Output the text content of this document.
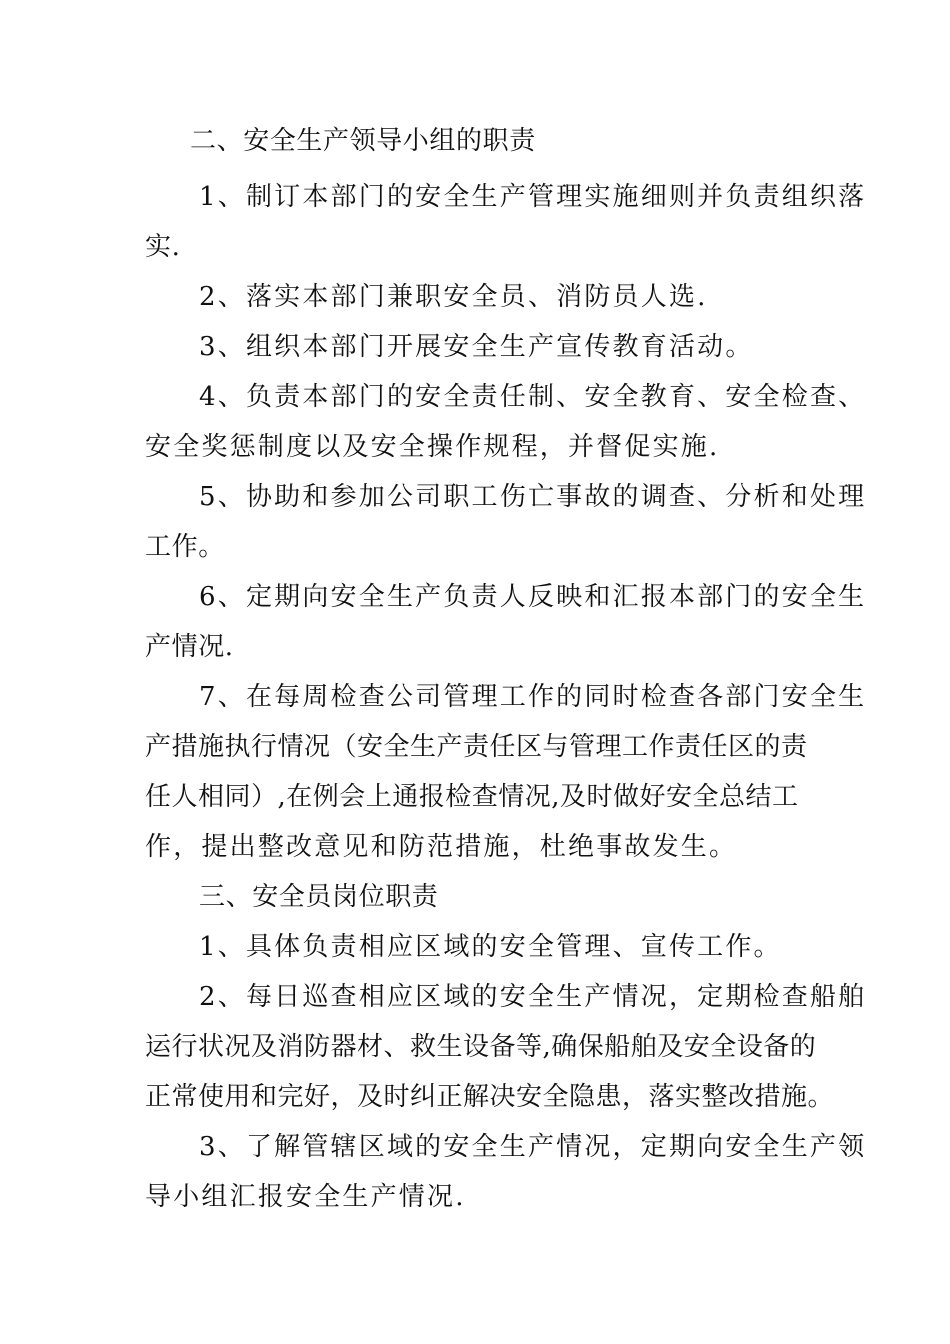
二、安全生产领导小组的职责
1、制订本部门的安全生产管理实施细则并负责组织落
实.
2、落实本部门兼职安全员、消防员人选.
3、组织本部门开展安全生产宣传教育活动。
4、负责本部门的安全责任制、安全教育、安全检查、
安全奖惩制度以及安全操作规程，并督促实施.
5、协助和参加公司职工伤亡事故的调查、分析和处理
工作。
6、定期向安全生产负责人反映和汇报本部门的安全生
产情况.
7、在每周检查公司管理工作的同时检查各部门安全生
产措施执行情况（安全生产责任区与管理工作责任区的责
任人相同）,在例会上通报检查情况,及时做好安全总结工
作，提出整改意见和防范措施，杜绝事故发生。
三、安全员岗位职责
1、具体负责相应区域的安全管理、宣传工作。
2、每日巡查相应区域的安全生产情况，定期检查船舶
运行状况及消防器材、救生设备等,确保船舶及安全设备的
正常使用和完好，及时纠正解决安全隐患，落实整改措施。
3、了解管辖区域的安全生产情况，定期向安全生产领
导小组汇报安全生产情况.
